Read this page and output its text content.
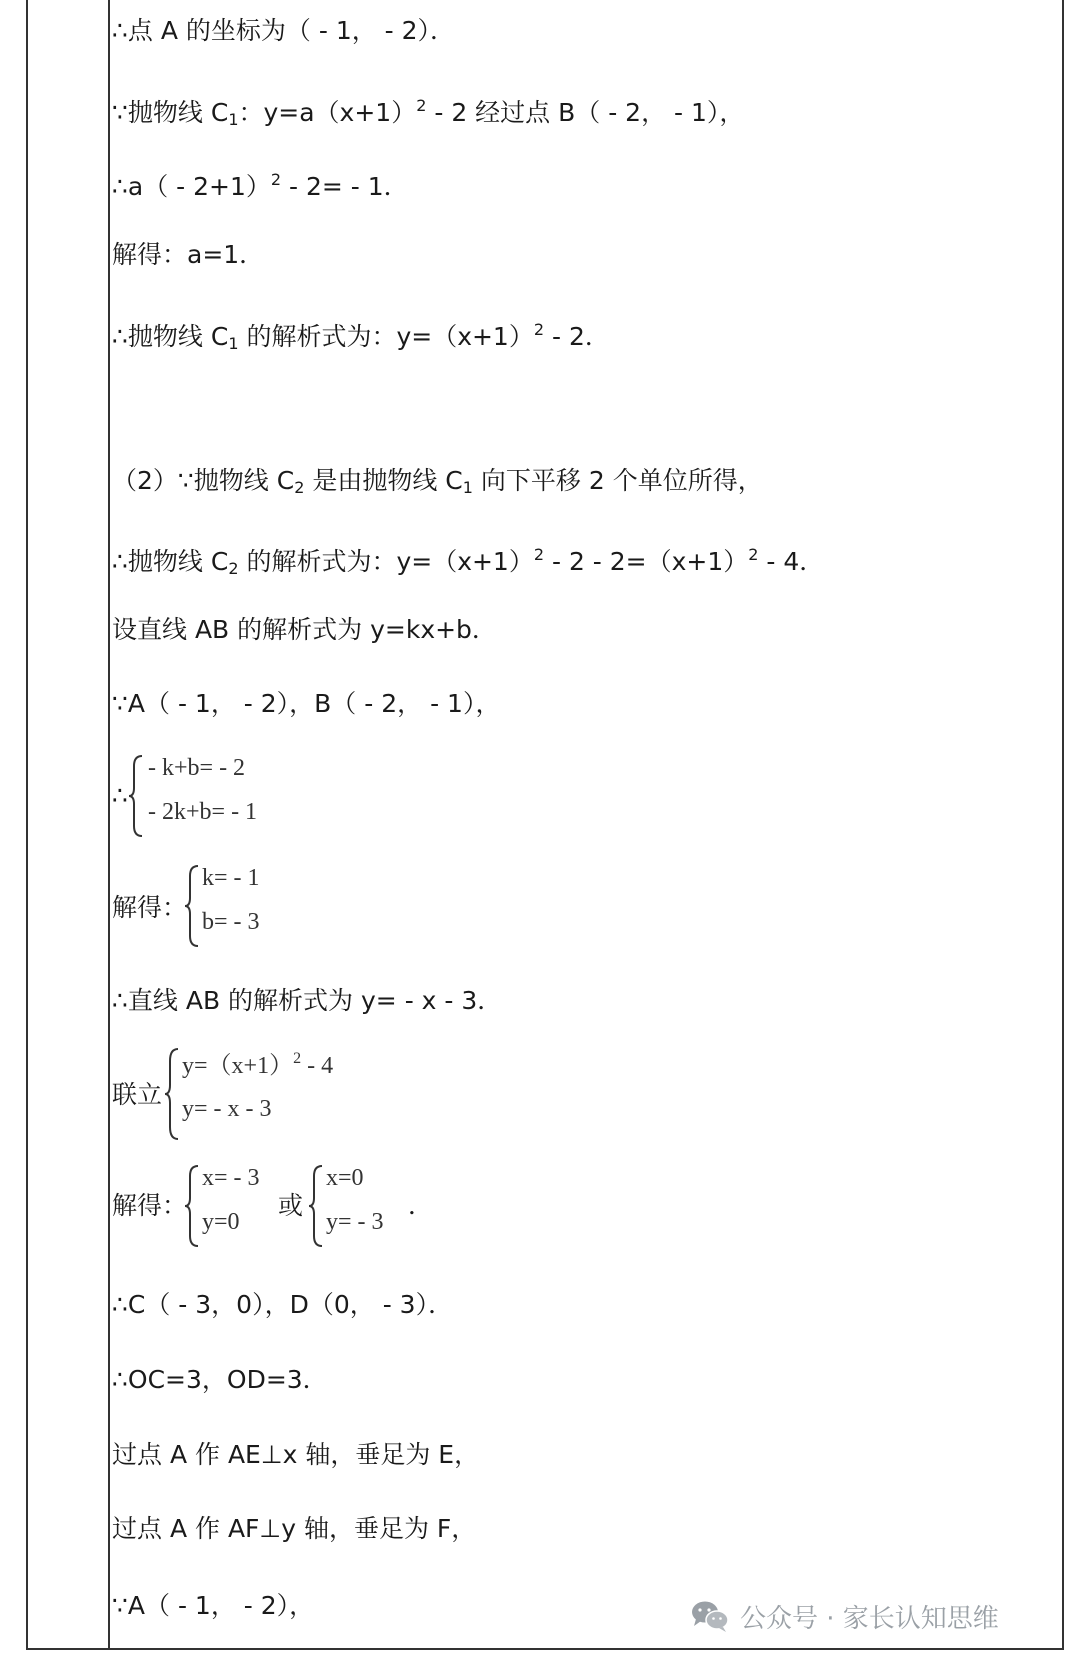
∴点 A 的坐标为（ - 1， - 2）．
∵抛物线 $C_1$：$y=a(x+1)^2 - 2$ 经过点 B（ - 2， - 1），
∴a（ - 2+1）$^2$ - 2= - 1．
解得：a=1．
∴抛物线 $C_1$ 的解析式为：$y=(x+1)^2 - 2$．
（2）∵抛物线 $C_2$ 是由抛物线 $C_1$ 向下平移 2 个单位所得，
∴抛物线 $C_2$ 的解析式为：$y=(x+1)^2 - 2 - 2=(x+1)^2 - 4$．
设直线 AB 的解析式为 y=kx+b．
∵A（ - 1， - 2），B（ - 2， - 1），
∴
- k+b= - 2
- 2k+b= - 1
解得：
k= - 1
b= - 3
∴直线 AB 的解析式为 y= - x - 3．
联立
$y=(x+1)^2 - 4$
y= - x - 3
解得：
x= - 3
y=0
或
x=0
y= - 3
．
∴C（ - 3，0），D（0， - 3）．
∴OC=3，OD=3．
过点 A 作 AE⊥x 轴，垂足为 E，
过点 A 作 AF⊥y 轴，垂足为 F，
∵A（ - 1， - 2），	公众号 · 家长认知思维
